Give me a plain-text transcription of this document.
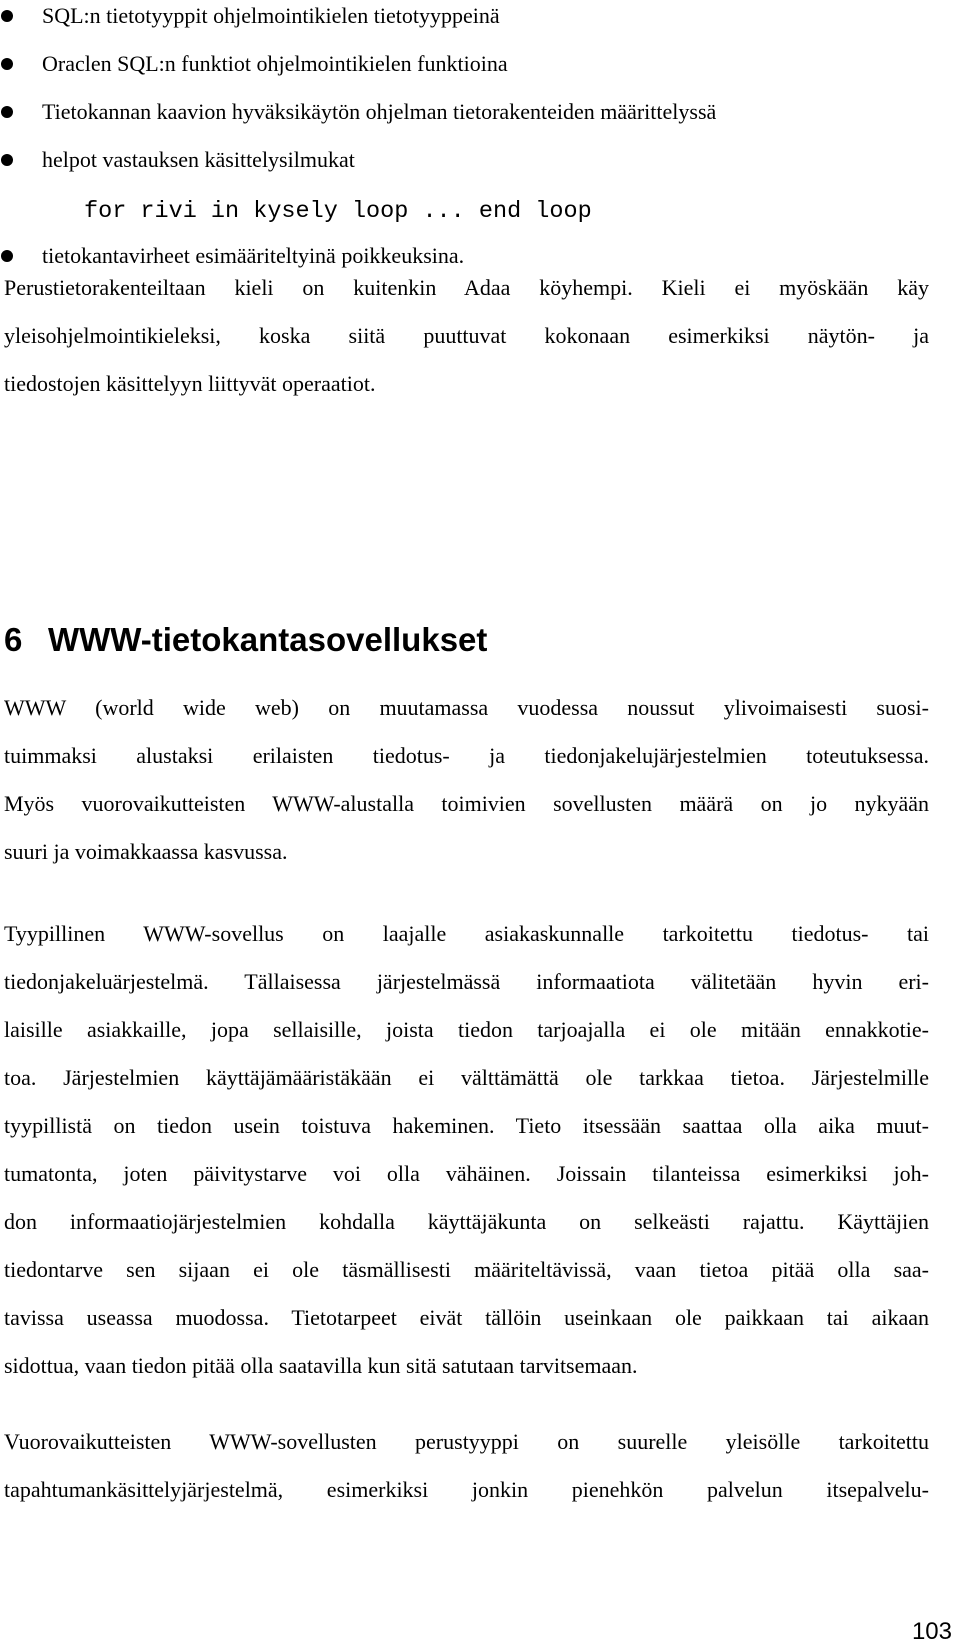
SQL:n tietotyyppit ohjelmointikielen tietotyyppeinä
Oraclen SQL:n funktiot ohjelmointikielen funktioina
Tietokannan kaavion hyväksikäytön ohjelman tietorakenteiden määrittelyssä
helpot vastauksen käsittelysilmukat
for rivi in kysely loop ... end loop
tietokantavirheet esimääriteltyinä poikkeuksina.

Perustietorakenteiltaan kieli on kuitenkin Adaa köyhempi. Kieli ei myöskään käy
yleisohjelmointikieleksi, koska siitä puuttuvat kokonaan esimerkiksi näytön- ja
tiedostojen käsittelyyn liittyvät operaatiot.

6 WWW-tietokantasovellukset

WWW (world wide web) on muutamassa vuodessa noussut ylivoimaisesti suosi-
tuimmaksi alustaksi erilaisten tiedotus- ja tiedonjakelujärjestelmien toteutuksessa.
Myös vuorovaikutteisten WWW-alustalla toimivien sovellusten määrä on jo nykyään
suuri ja voimakkaassa kasvussa.

Tyypillinen WWW-sovellus on laajalle asiakaskunnalle tarkoitettu tiedotus- tai
tiedonjakeluärjestelmä. Tällaisessa järjestelmässä informaatiota välitetään hyvin eri-
laisille asiakkaille, jopa sellaisille, joista tiedon tarjoajalla ei ole mitään ennakkotie-
toa. Järjestelmien käyttäjämääristäkään ei välttämättä ole tarkkaa tietoa. Järjestelmille
tyypillistä on tiedon usein toistuva hakeminen. Tieto itsessään saattaa olla aika muut-
tumatonta, joten päivitystarve voi olla vähäinen. Joissain tilanteissa esimerkiksi joh-
don informaatiojärjestelmien kohdalla käyttäjäkunta on selkeästi rajattu. Käyttäjien
tiedontarve sen sijaan ei ole täsmällisesti määriteltävissä, vaan tietoa pitää olla saa-
tavissa useassa muodossa. Tietotarpeet eivät tällöin useinkaan ole paikkaan tai aikaan
sidottua, vaan tiedon pitää olla saatavilla kun sitä satutaan tarvitsemaan.

Vuorovaikutteisten WWW-sovellusten perustyyppi on suurelle yleisölle tarkoitettu
tapahtumankäsittelyjärjestelmä, esimerkiksi jonkin pienehkön palvelun itsepalvelu-

103
